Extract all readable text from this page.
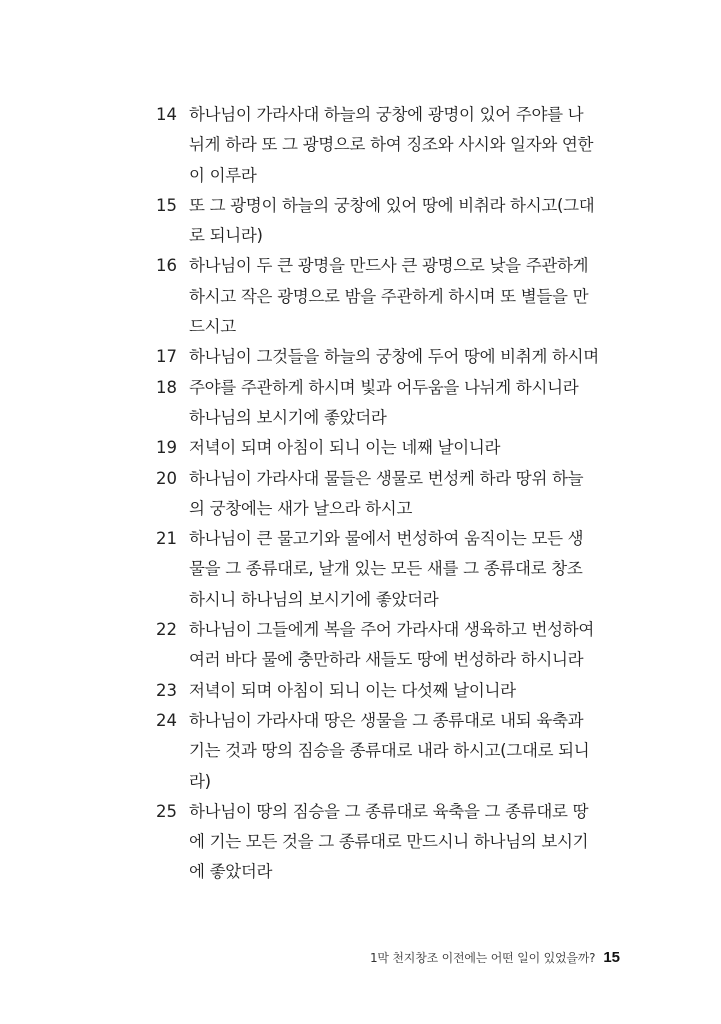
14 하나님이 가라사대 하늘의 궁창에 광명이 있어 주야를 나
뉘게 하라 또 그 광명으로 하여 징조와 사시와 일자와 연한
이 이루라
15 또 그 광명이 하늘의 궁창에 있어 땅에 비취라 하시고(그대
로 되니라)
16 하나님이 두 큰 광명을 만드사 큰 광명으로 낮을 주관하게
하시고 작은 광명으로 밤을 주관하게 하시며 또 별들을 만
드시고
17 하나님이 그것들을 하늘의 궁창에 두어 땅에 비취게 하시며
18 주야를 주관하게 하시며 빛과 어두움을 나뉘게 하시니라
하나님의 보시기에 좋았더라
19 저녁이 되며 아침이 되니 이는 네째 날이니라
20 하나님이 가라사대 물들은 생물로 번성케 하라 땅위 하늘
의 궁창에는 새가 날으라 하시고
21 하나님이 큰 물고기와 물에서 번성하여 움직이는 모든 생
물을 그 종류대로, 날개 있는 모든 새를 그 종류대로 창조
하시니 하나님의 보시기에 좋았더라
22 하나님이 그들에게 복을 주어 가라사대 생육하고 번성하여
여러 바다 물에 충만하라 새들도 땅에 번성하라 하시니라
23 저녁이 되며 아침이 되니 이는 다섯째 날이니라
24 하나님이 가라사대 땅은 생물을 그 종류대로 내되 육축과
기는 것과 땅의 짐승을 종류대로 내라 하시고(그대로 되니
라)
25 하나님이 땅의 짐승을 그 종류대로 육축을 그 종류대로 땅
에 기는 모든 것을 그 종류대로 만드시니 하나님의 보시기
에 좋았더라
1막 천지창조 이전에는 어떤 일이 있었을까? 15
